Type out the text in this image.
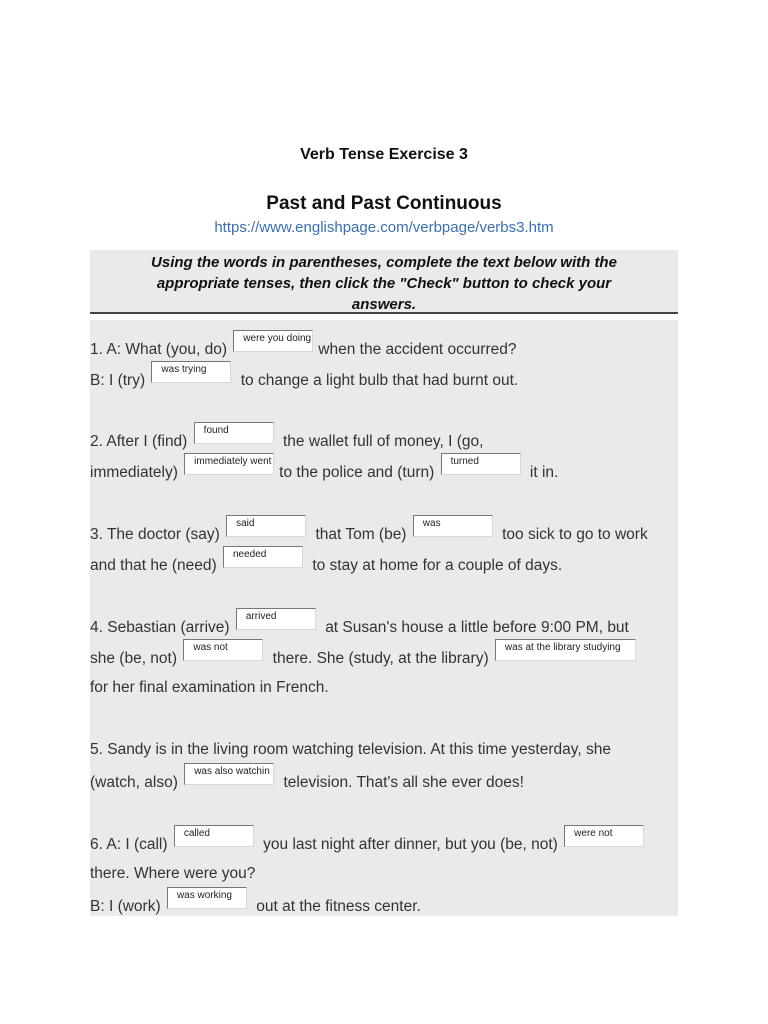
Verb Tense Exercise 3
Past and Past Continuous
https://www.englishpage.com/verbpage/verbs3.htm
Using the words in parentheses, complete the text below with the
appropriate tenses, then click the "Check" button to check your
answers.
1. A: What (you, do) were you doingwhen the accident occurred?
B: I (try) was trying to change a light bulb that had burnt out.
2. After I (find) found the wallet full of money, I (go,
immediately) immediately wentto the police and (turn) turned it in.
3. The doctor (say) said that Tom (be) was too sick to go to work
and that he (need) needed to stay at home for a couple of days.
4. Sebastian (arrive) arrived at Susan's house a little before 9:00 PM, but
she (be, not) was not there. She (study, at the library) was at the library studying
for her final examination in French.
5. Sandy is in the living room watching television. At this time yesterday, she
(watch, also) was also watchin television. That's all she ever does!
6. A: I (call) called you last night after dinner, but you (be, not) were not
there. Where were you?
B: I (work) was working out at the fitness center.
